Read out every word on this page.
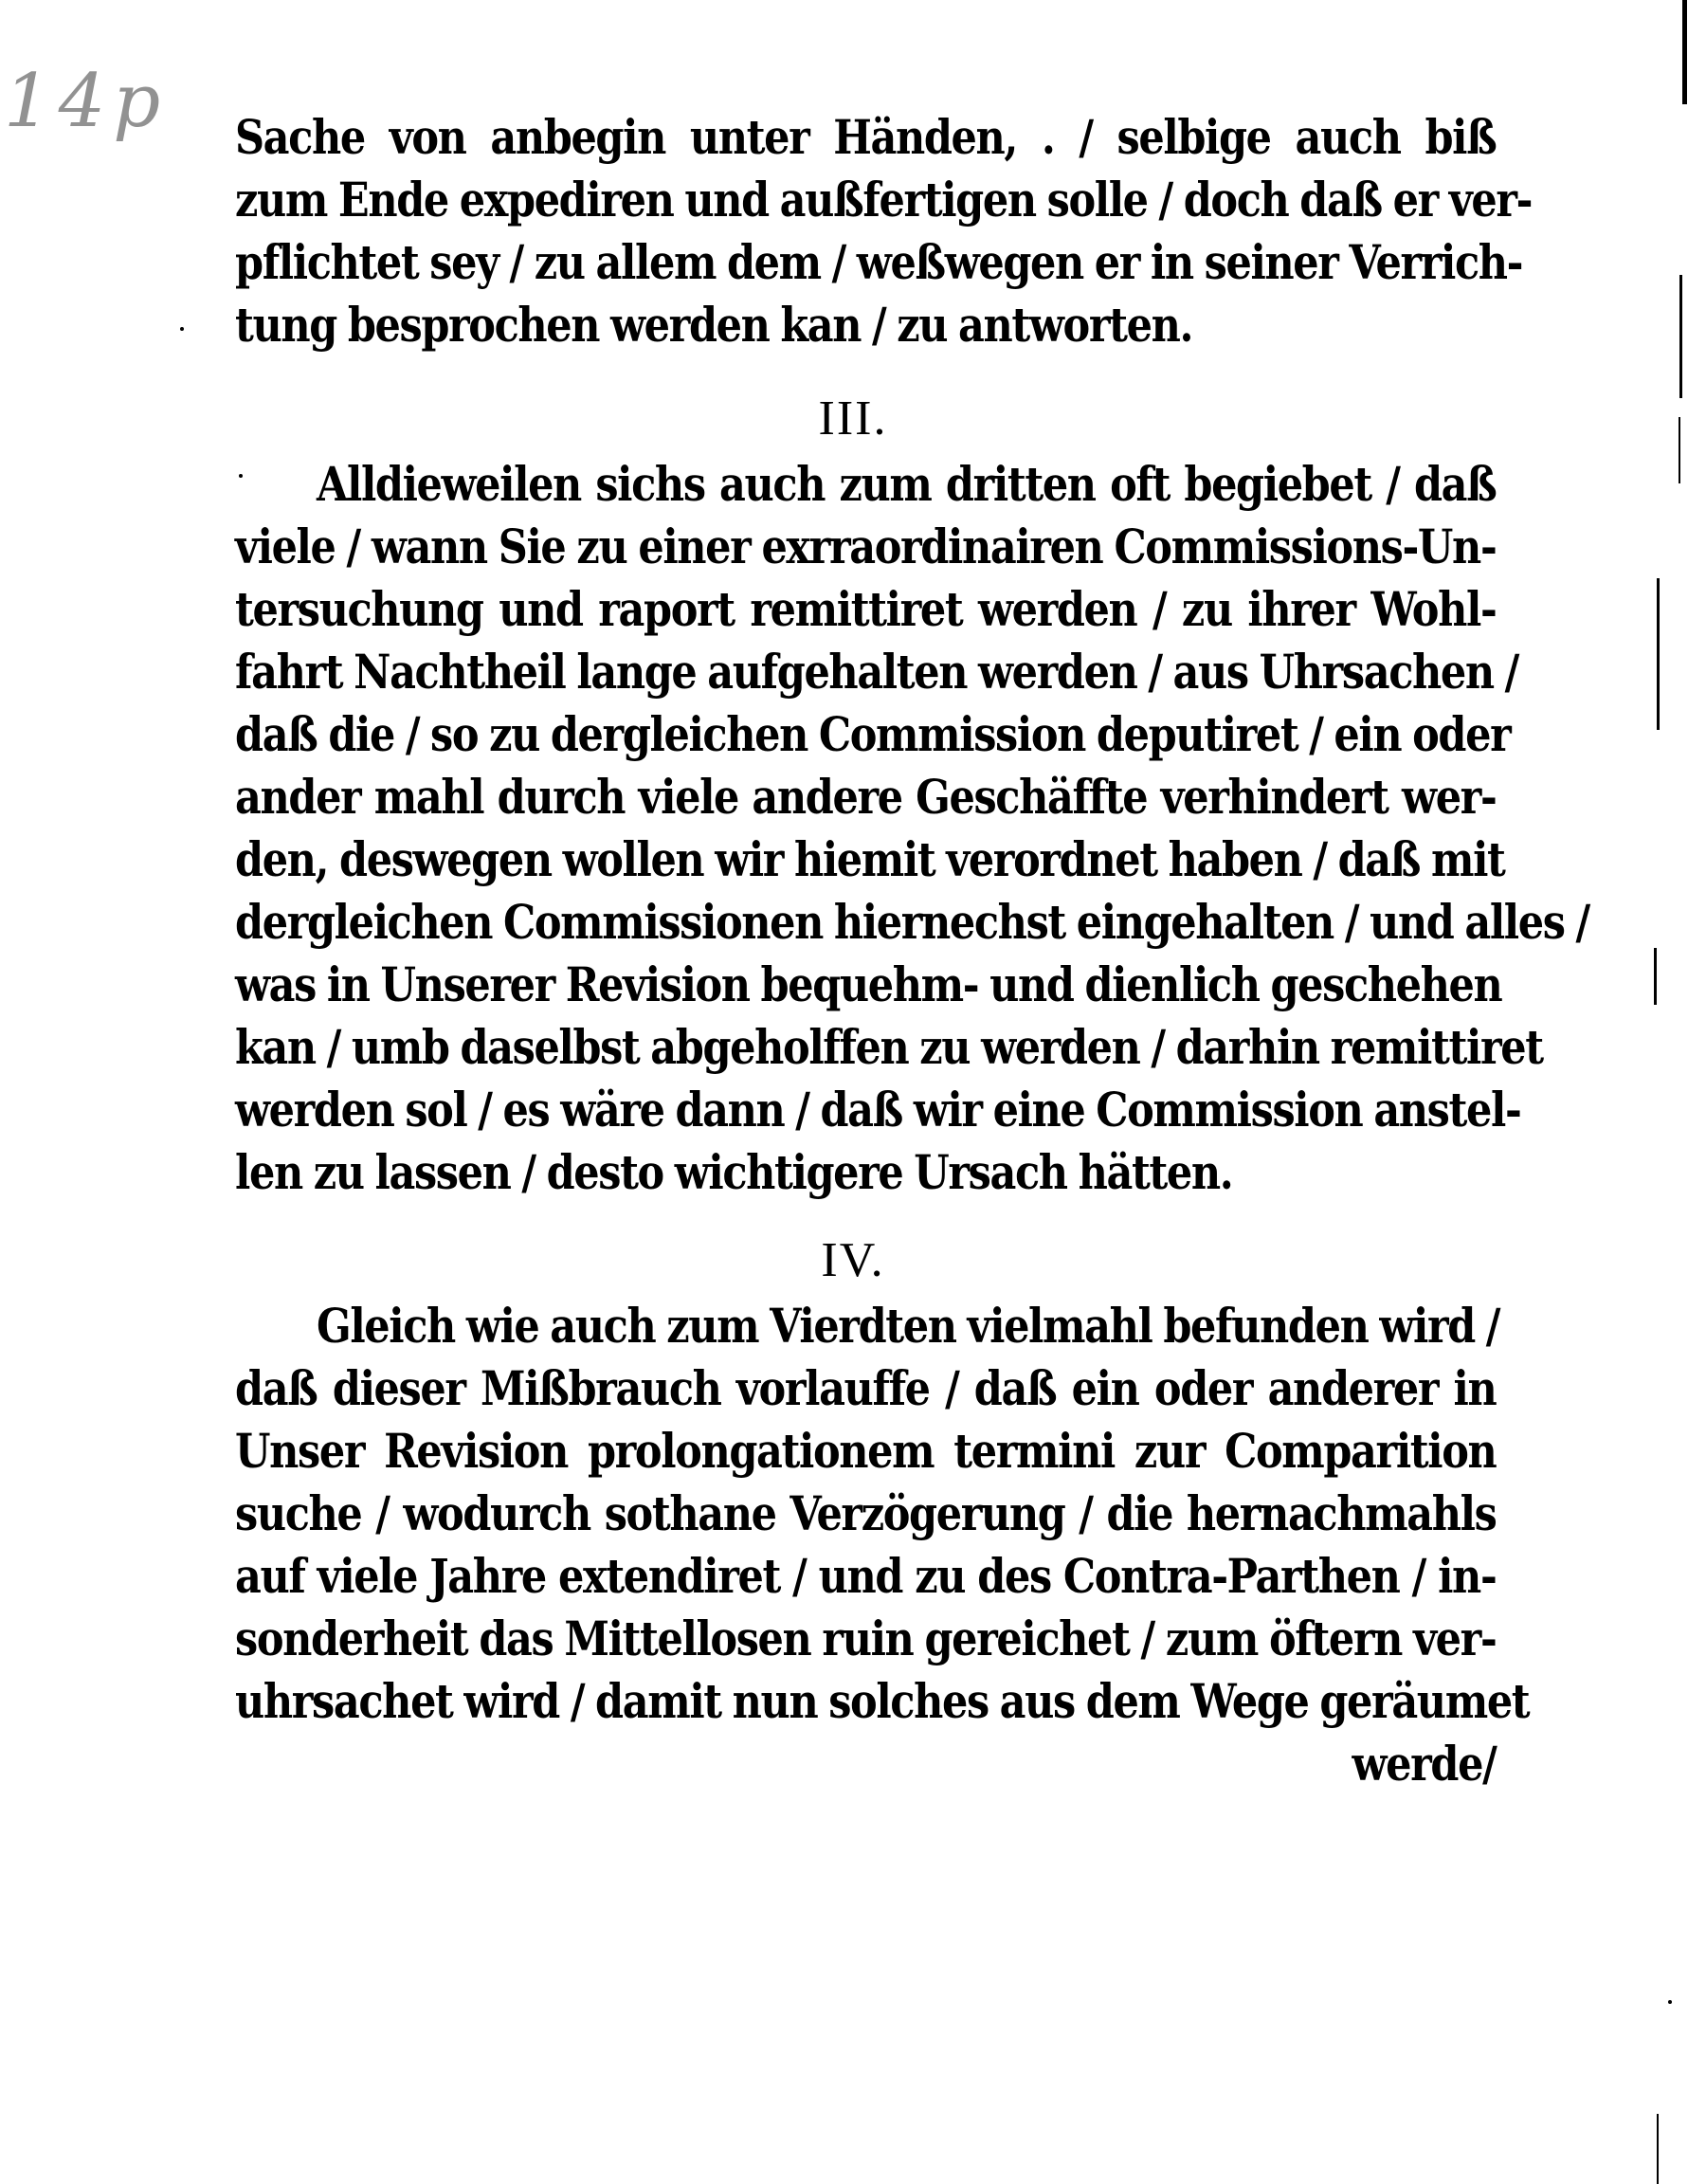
14p Sache von anbegin unter Händen, . / selbige auch biß
zum Ende expediren und außfertigen solle / doch daß er ver-
pflichtet sey / zu allem dem / weßwegen er in seiner Verrich-
tung besprochen werden kan / zu antworten.
III.
Alldieweilen sichs auch zum dritten oft begiebet / daß
viele / wann Sie zu einer exrraordinairen Commissions-Un-
tersuchung und raport remittiret werden / zu ihrer Wohl-
fahrt Nachtheil lange aufgehalten werden / aus Uhrsachen /
daß die / so zu dergleichen Commission deputiret / ein oder
ander mahl durch viele andere Geschäffte verhindert wer-
den, deswegen wollen wir hiemit verordnet haben / daß mit
dergleichen Commissionen hiernechst eingehalten / und alles /
was in Unserer Revision bequehm- und dienlich geschehen
kan / umb daselbst abgeholffen zu werden / darhin remittiret
werden sol / es wäre dann / daß wir eine Commission anstel-
len zu lassen / desto wichtigere Ursach hätten.
IV.
Gleich wie auch zum Vierdten vielmahl befunden wird /
daß dieser Mißbrauch vorlauffe / daß ein oder anderer in
Unser Revision prolongationem termini zur Comparition
suche / wodurch sothane Verzögerung / die hernachmahls
auf viele Jahre extendiret / und zu des Contra-Parthen / in-
sonderheit das Mittellosen ruin gereichet / zum öftern ver-
uhrsachet wird / damit nun solches aus dem Wege geräumet
werde/
